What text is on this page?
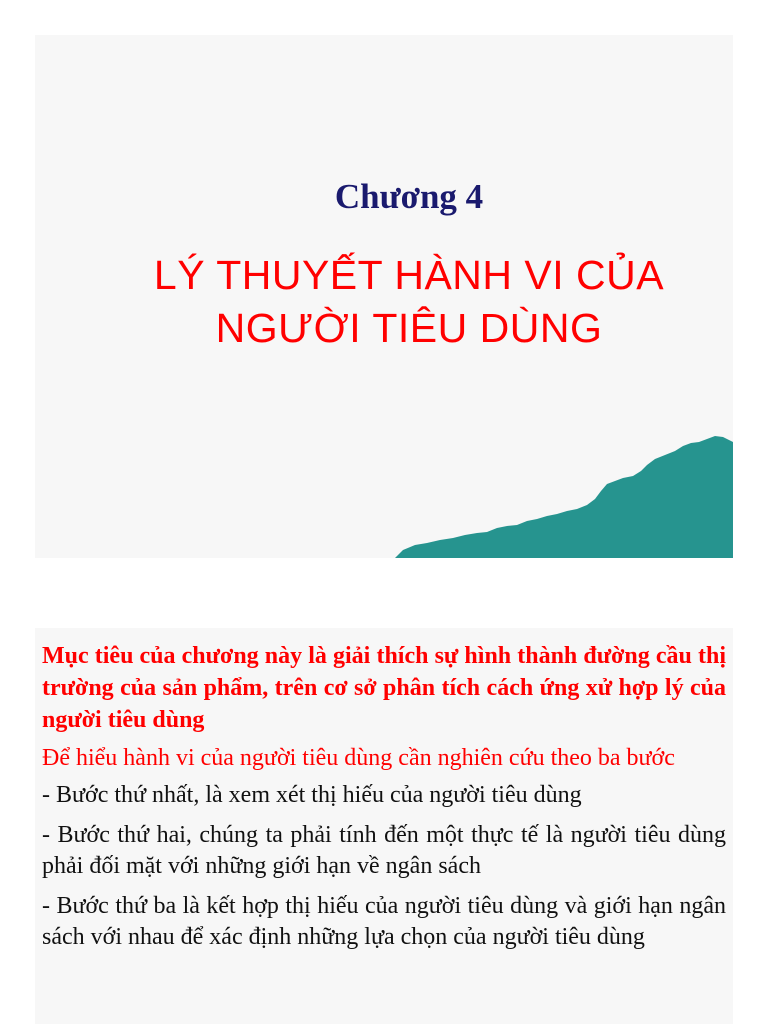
Chương 4
LÝ THUYẾT HÀNH VI CỦA
NGƯỜI TIÊU DÙNG

Mục tiêu của chương này là giải thích sự hình thành đường cầu thị trường của sản phẩm, trên cơ sở phân tích cách ứng xử hợp lý của người tiêu dùng

Để hiểu hành vi của người tiêu dùng cần nghiên cứu theo ba bước

- Bước thứ nhất, là xem xét thị hiếu của người tiêu dùng

- Bước thứ hai, chúng ta phải tính đến một thực tế là người tiêu dùng phải đối mặt với những giới hạn về ngân sách

- Bước thứ ba là kết hợp thị hiếu của người tiêu dùng và giới hạn ngân sách với nhau để xác định những lựa chọn của người tiêu dùng
